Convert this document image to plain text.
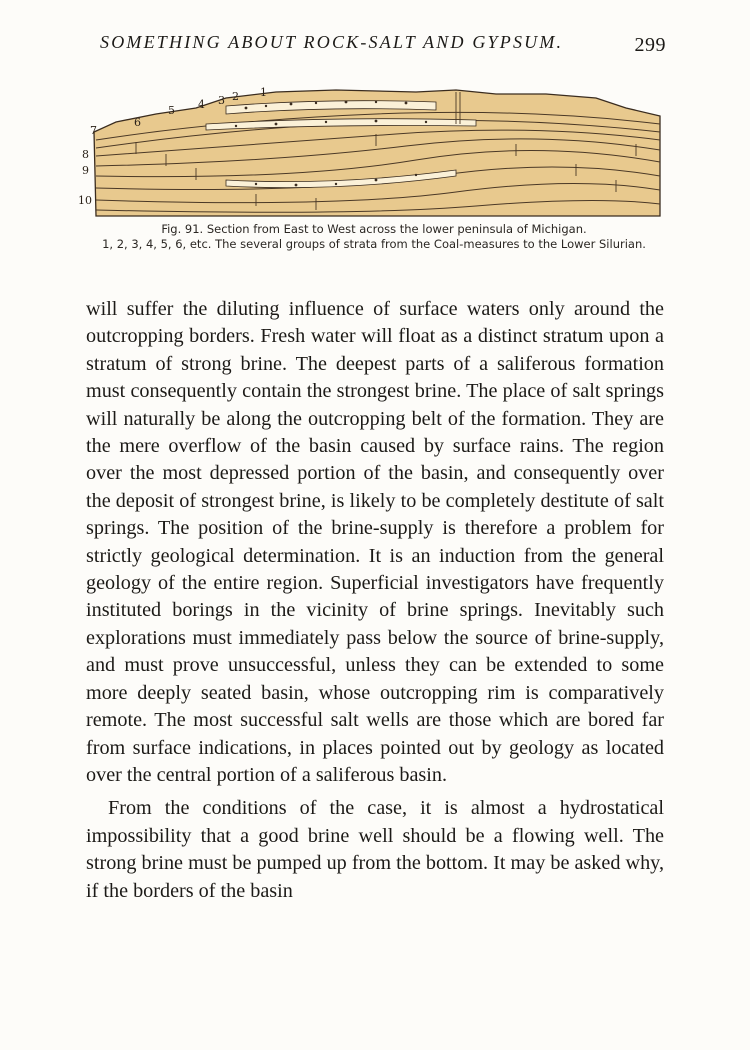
SOMETHING ABOUT ROCK-SALT AND GYPSUM.	299
1
2
3
4
5
6
7
8
9
10
Fig. 91. Section from East to West across the lower peninsula of Michigan.
1, 2, 3, 4, 5, 6, etc. The several groups of strata from the Coal-measures to the Lower Silurian.

will suffer the diluting influence of surface waters only around the outcropping borders. Fresh water will float as a distinct stratum upon a stratum of strong brine. The deepest parts of a saliferous formation must consequently contain the strongest brine. The place of salt springs will naturally be along the outcropping belt of the formation. They are the mere overflow of the basin caused by surface rains. The region over the most depressed portion of the basin, and consequently over the deposit of strongest brine, is likely to be completely destitute of salt springs. The position of the brine-supply is therefore a problem for strictly geological determination. It is an induction from the general geology of the entire region. Superficial investigators have frequently instituted borings in the vicinity of brine springs. Inevitably such explorations must immediately pass below the source of brine-supply, and must prove unsuccessful, unless they can be extended to some more deeply seated basin, whose outcropping rim is comparatively remote. The most successful salt wells are those which are bored far from surface indications, in places pointed out by geology as located over the central portion of a saliferous basin.

From the conditions of the case, it is almost a hydrostatical impossibility that a good brine well should be a flowing well. The strong brine must be pumped up from the bottom. It may be asked why, if the borders of the basin
